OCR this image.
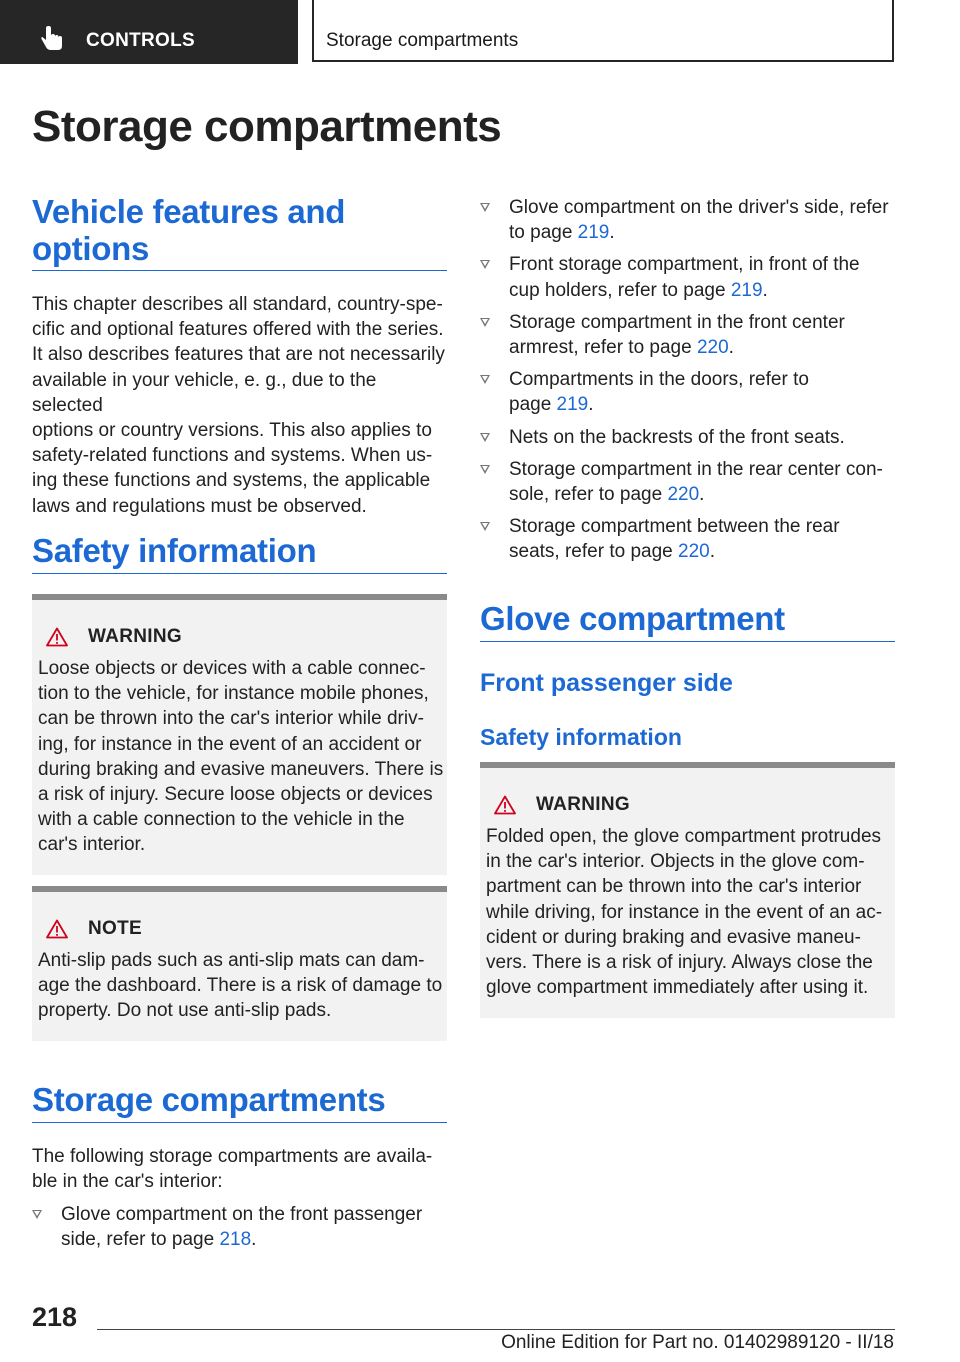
CONTROLS	Storage compartments
Storage compartments
Vehicle features and
options
This chapter describes all standard, country-spe‐
cific and optional features offered with the series.
It also describes features that are not necessarily
available in your vehicle, e. g., due to the selected
options or country versions. This also applies to
safety-related functions and systems. When us‐
ing these functions and systems, the applicable
laws and regulations must be observed.
Safety information
WARNING
Loose objects or devices with a cable connec‐
tion to the vehicle, for instance mobile phones,
can be thrown into the car's interior while driv‐
ing, for instance in the event of an accident or
during braking and evasive maneuvers. There is
a risk of injury. Secure loose objects or devices
with a cable connection to the vehicle in the
car's interior.
NOTE
Anti-slip pads such as anti-slip mats can dam‐
age the dashboard. There is a risk of damage to
property. Do not use anti-slip pads.
Storage compartments
The following storage compartments are availa‐
ble in the car's interior:
Glove compartment on the front passenger
side, refer to page 218.
Glove compartment on the driver's side, refer
to page 219.
Front storage compartment, in front of the
cup holders, refer to page 219.
Storage compartment in the front center
armrest, refer to page 220.
Compartments in the doors, refer to
page 219.
Nets on the backrests of the front seats.
Storage compartment in the rear center con‐
sole, refer to page 220.
Storage compartment between the rear
seats, refer to page 220.
Glove compartment
Front passenger side
Safety information
WARNING
Folded open, the glove compartment protrudes
in the car's interior. Objects in the glove com‐
partment can be thrown into the car's interior
while driving, for instance in the event of an ac‐
cident or during braking and evasive maneu‐
vers. There is a risk of injury. Always close the
glove compartment immediately after using it.
218
Online Edition for Part no. 01402989120 - II/18
